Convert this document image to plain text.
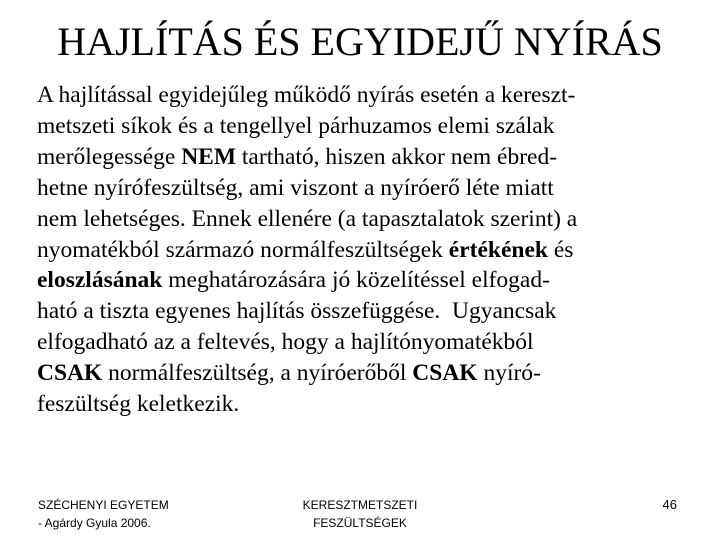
HAJLÍTÁS ÉS EGYIDEJŰ NYÍRÁS
A hajlítással egyidejűleg működő nyírás esetén a kereszt-
metszeti síkok és a tengellyel párhuzamos elemi szálak
merőlegessége NEM tartható, hiszen akkor nem ébred-
hetne nyírófeszültség, ami viszont a nyíróerő léte miatt
nem lehetséges. Ennek ellenére (a tapasztalatok szerint) a
nyomatékból származó normálfeszültségek értékének és
eloszlásának meghatározására jó közelítéssel elfogad-
ható a tiszta egyenes hajlítás összefüggése.  Ugyancsak
elfogadható az a feltevés, hogy a hajlítónyomatékból
CSAK normálfeszültség, a nyíróerőből CSAK nyíró-
feszültség keletkezik.
SZÉCHENYI EGYETEM
- Agárdy Gyula 2006.
KERESZTMETSZETI
FESZÜLTSÉGEK
46
